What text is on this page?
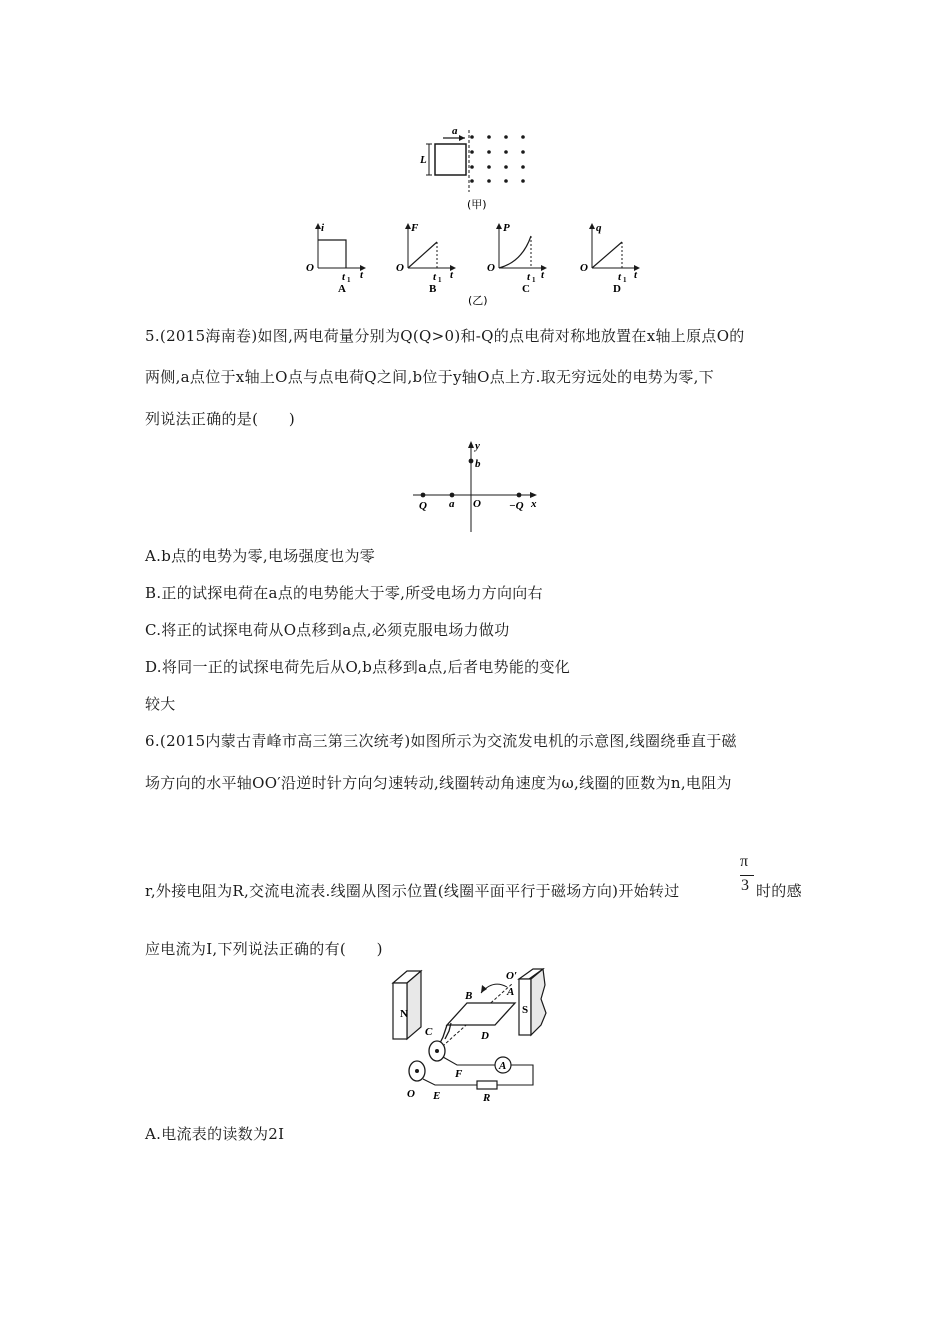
a
L
(甲)
i
O
t 1 t
A
F
O
t 1 t
B
P
O
t 1 t
C
q
O
t 1 t
D
(乙)
5.(2015海南卷)如图,两电荷量分别为Q(Q>0)和-Q的点电荷对称地放置在x轴上原点O的
两侧,a点位于x轴上O点与点电荷Q之间,b位于y轴O点上方.取无穷远处的电势为零,下
列说法正确的是(　　)
y
b
Q a O	−Q x
A.b点的电势为零,电场强度也为零
B.正的试探电荷在a点的电势能大于零,所受电场力方向向右
C.将正的试探电荷从O点移到a点,必须克服电场力做功
D.将同一正的试探电荷先后从O,b点移到a点,后者电势能的变化
较大
6.(2015内蒙古青峰市高三第三次统考)如图所示为交流发电机的示意图,线圈绕垂直于磁
场方向的水平轴OO′沿逆时针方向匀速转动,线圈转动角速度为ω,线圈的匝数为n,电阻为
π
3
r,外接电阻为R,交流电流表.线圈从图示位置(线圈平面平行于磁场方向)开始转过	时的感
应电流为I,下列说法正确的有(　　)
N	S
O′
B	A
C	D
A
F
E
O	R
A.电流表的读数为2I
